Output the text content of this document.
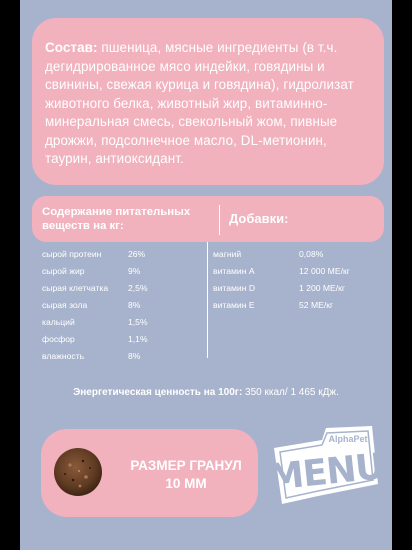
Состав: пшеница, мясные ингредиенты (в т.ч. дегидрированное мясо индейки, говядины и свинины, свежая курица и говядина), гидролизат животного белка, животный жир, витаминно-минеральная смесь, свекольный жом, пивные дрожжи, подсолнечное масло, DL-метионин, таурин, антиоксидант.

Содержание питательных веществ на кг:	Добавки:
сырой протеин	26%
сырой жир	9%
сырая клетчатка	2,5%
сырая зола	8%
кальций	1,5%
фосфор	1,1%
влажность	8%
магний	0,08%
витамин А	12 000 МЕ/кг
витамин D	1 200 МЕ/кг
витамин Е	52 МЕ/кг
Энергетическая ценность на 100г: 350 ккал/ 1 465 кДж.
РАЗМЕР ГРАНУЛ
10 ММ
AlphaPet
MENU
